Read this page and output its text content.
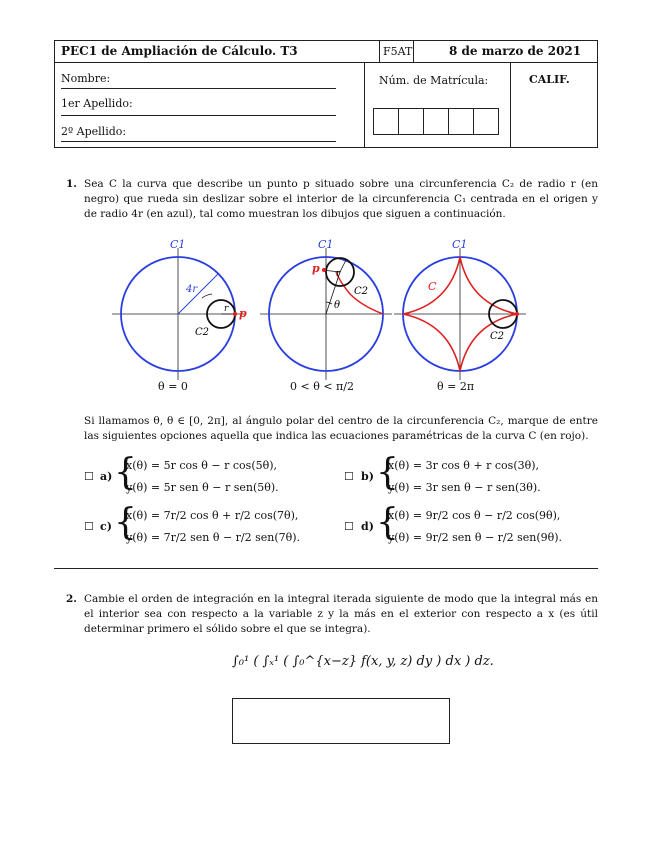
PEC1 de Ampliación de Cálculo. T3	F5AT	8 de marzo de 2021
Nombre:
1er Apellido:
2º Apellido:
Núm. de Matrícula:	CALIF.
1. Sea C la curva que describe un punto p situado sobre una circunferencia C₂ de radio r (en negro) que rueda sin deslizar sobre el interior de la circunferencia C₁ centrada en el origen y de radio 4r (en azul), tal como muestran los dibujos que siguen a continuación.
C1
4r
r
C2
p
C1
p r
C2
θ
C1
C
C2
θ = 0	0 < θ < π/2	θ = 2π
Si llamamos θ, θ ∈ [0, 2π], al ángulo polar del centro de la circunferencia C₂, marque de entre las siguientes opciones aquella que indica las ecuaciones paramétricas de la curva C (en rojo).
☐ a) {
x(θ) = 5r cos θ − r cos(5θ),
y(θ) = 5r sen θ − r sen(5θ).
☐ b) {
x(θ) = 3r cos θ + r cos(3θ),
y(θ) = 3r sen θ − r sen(3θ).
☐ c) {
x(θ) = 7r/2 cos θ + r/2 cos(7θ),
y(θ) = 7r/2 sen θ − r/2 sen(7θ).
☐ d) {
x(θ) = 9r/2 cos θ − r/2 cos(9θ),
y(θ) = 9r/2 sen θ − r/2 sen(9θ).
2. Cambie el orden de integración en la integral iterada siguiente de modo que la integral más en el interior sea con respecto a la variable z y la más en el exterior con respecto a x (es útil determinar primero el sólido sobre el que se integra).
∫₀¹ ( ∫ₓ¹ ( ∫₀^{x−z} f(x, y, z) dy ) dx ) dz.
